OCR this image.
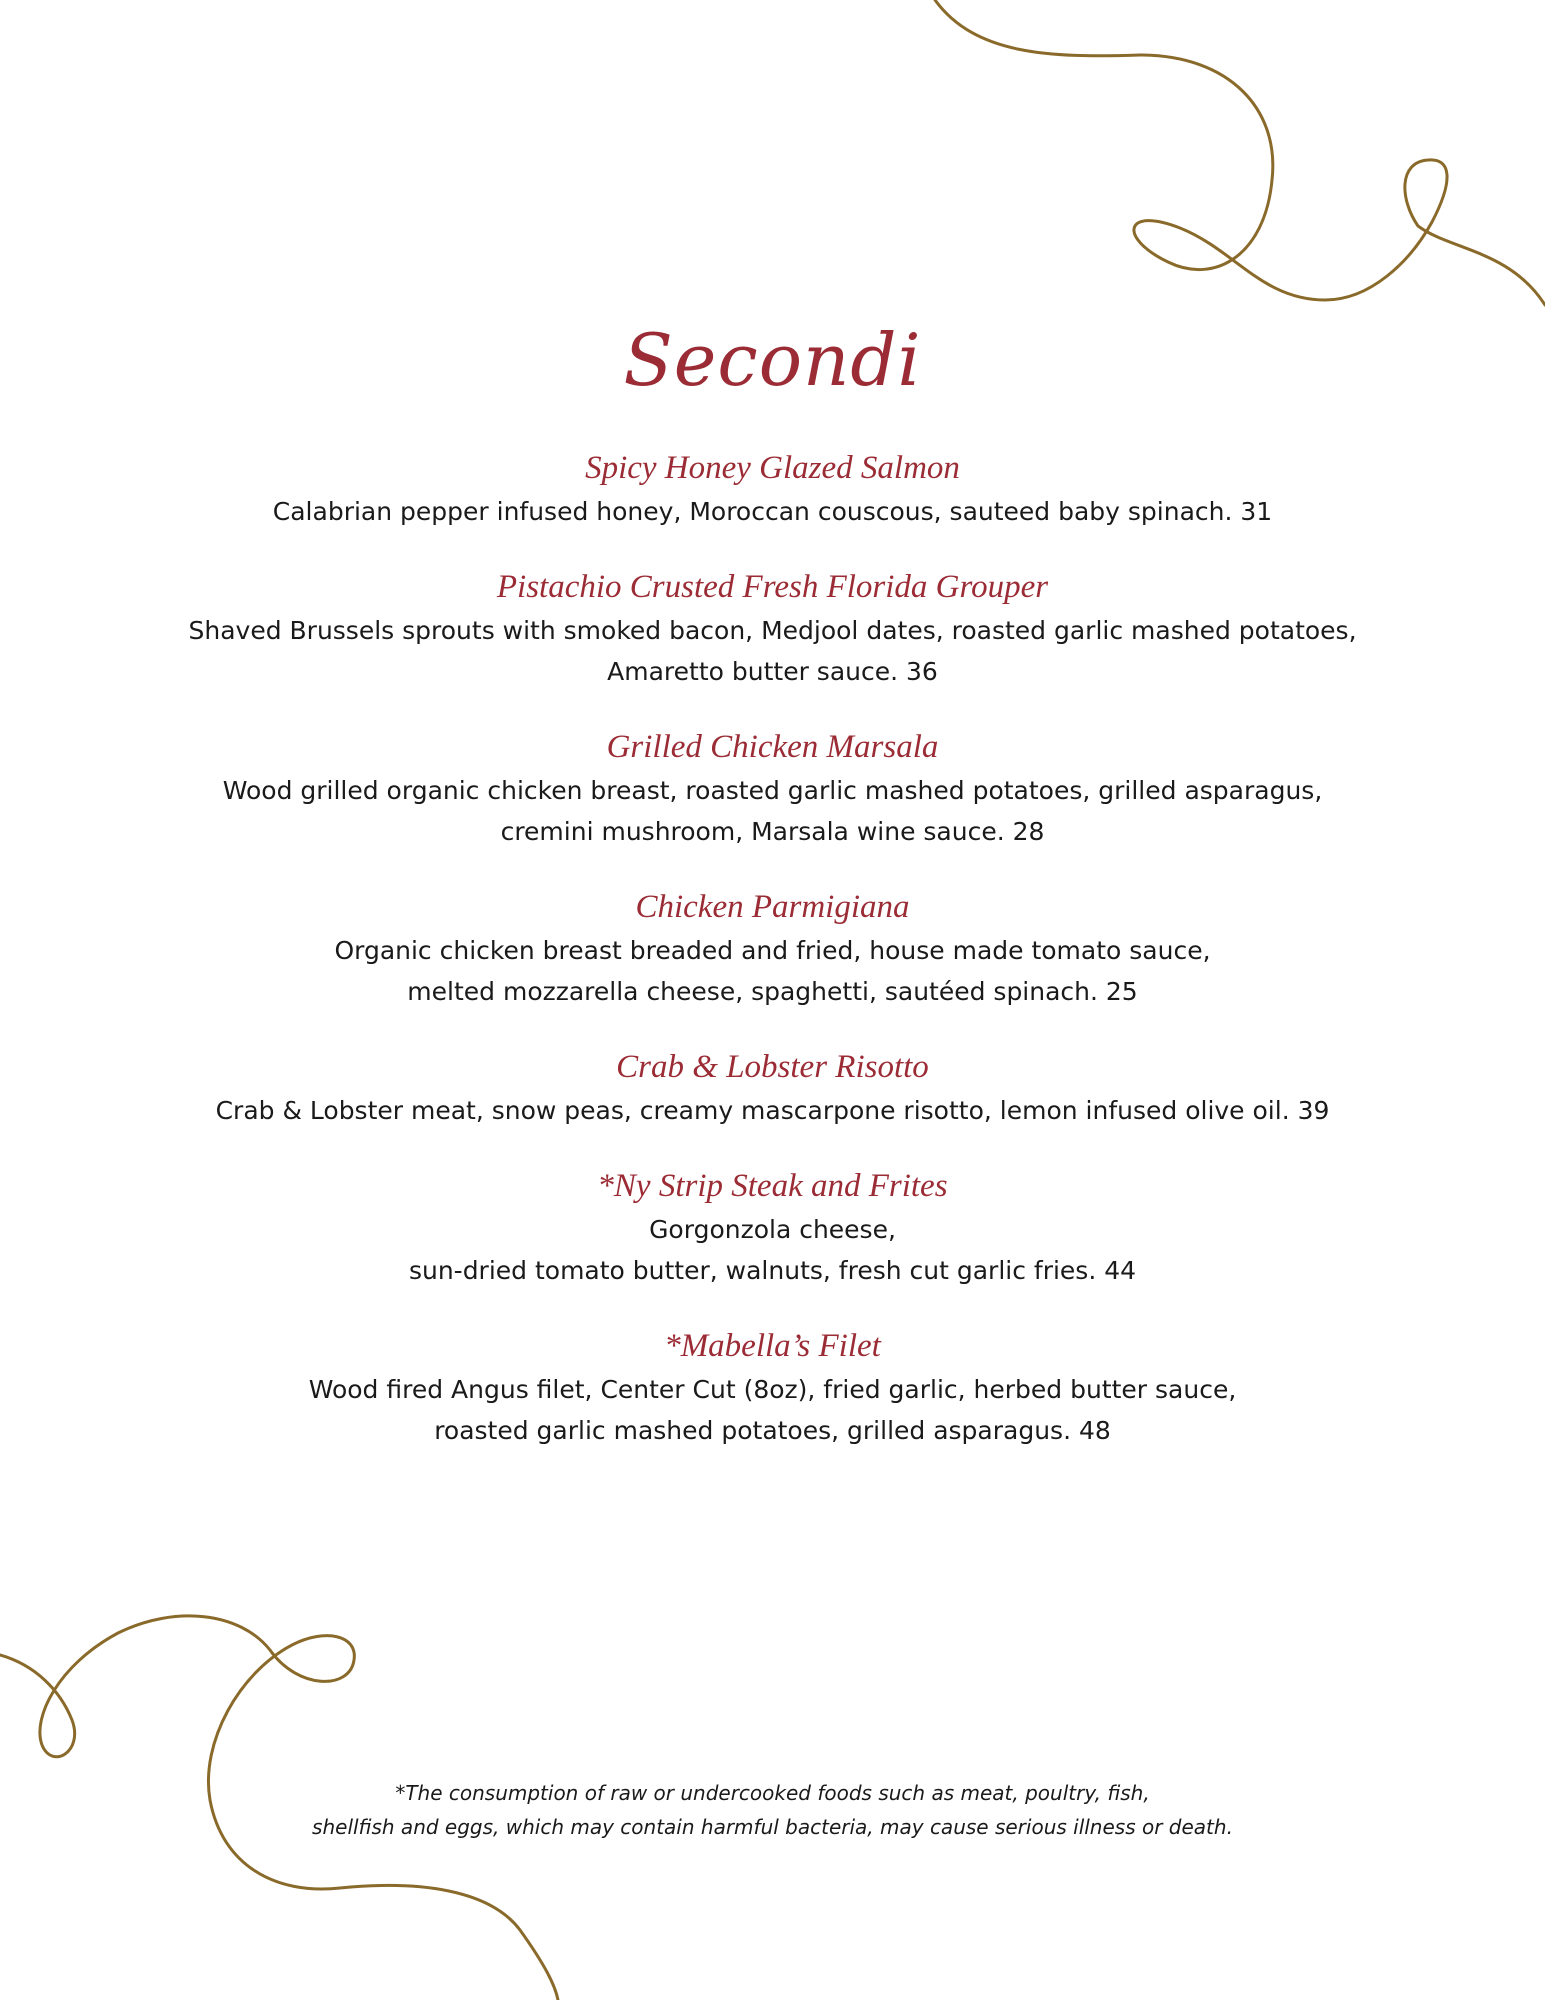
Secondi
Spicy Honey Glazed Salmon
Calabrian pepper infused honey, Moroccan couscous, sauteed baby spinach. 31
Pistachio Crusted Fresh Florida Grouper
Shaved Brussels sprouts with smoked bacon, Medjool dates, roasted garlic mashed potatoes,
Amaretto butter sauce. 36
Grilled Chicken Marsala
Wood grilled organic chicken breast, roasted garlic mashed potatoes, grilled asparagus,
cremini mushroom, Marsala wine sauce. 28
Chicken Parmigiana
Organic chicken breast breaded and fried, house made tomato sauce,
melted mozzarella cheese, spaghetti, sautéed spinach. 25
Crab & Lobster Risotto
Crab & Lobster meat, snow peas, creamy mascarpone risotto, lemon infused olive oil. 39
*Ny Strip Steak and Frites
Gorgonzola cheese,
sun-dried tomato butter, walnuts, fresh cut garlic fries. 44
*Mabella’s Filet
Wood fired Angus filet, Center Cut (8oz), fried garlic, herbed butter sauce,
roasted garlic mashed potatoes, grilled asparagus. 48
*The consumption of raw or undercooked foods such as meat, poultry, fish,
shellfish and eggs, which may contain harmful bacteria, may cause serious illness or death.
